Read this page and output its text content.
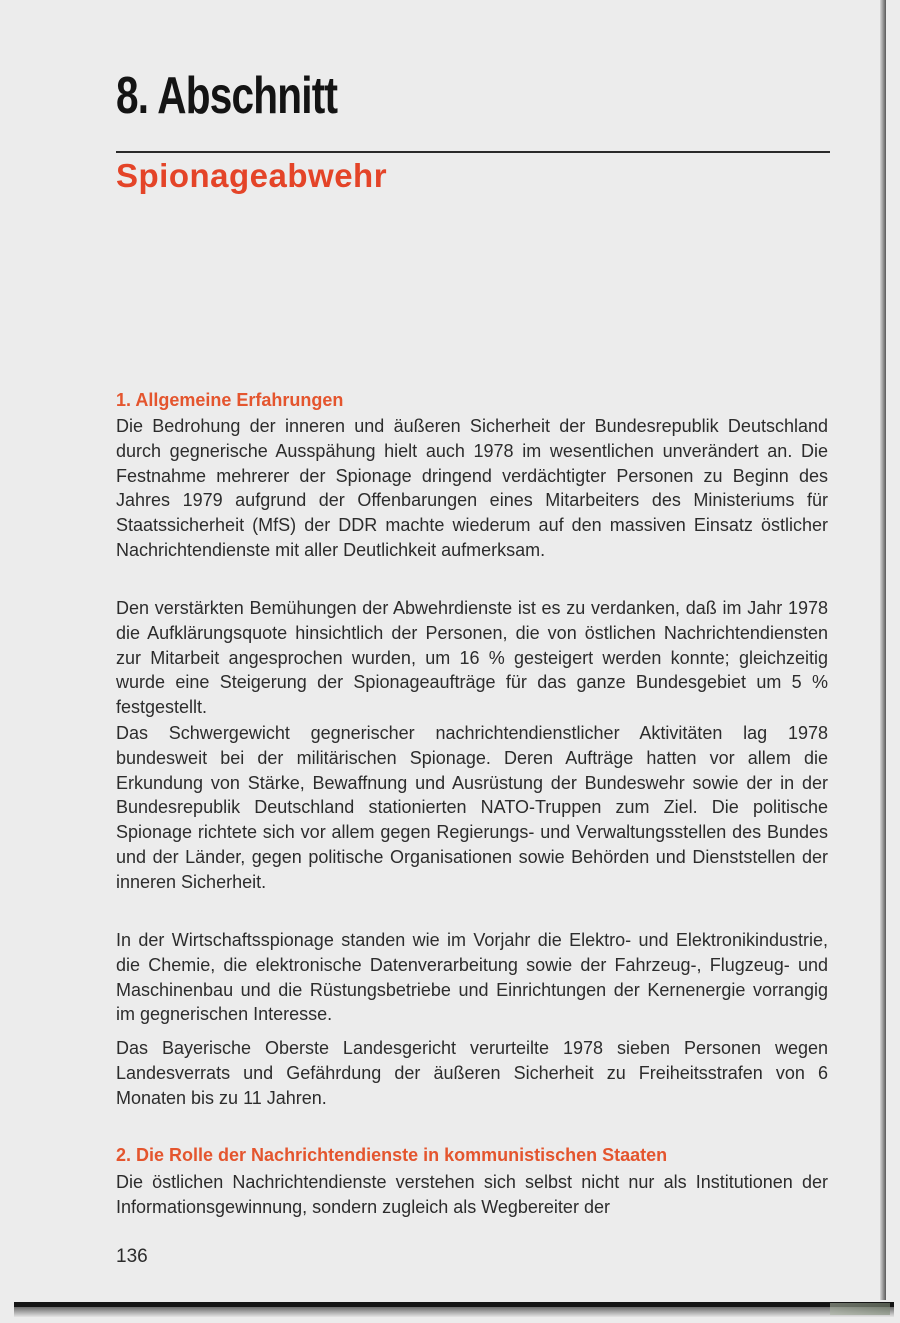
8. Abschnitt
Spionageabwehr
1. Allgemeine Erfahrungen

Die Bedrohung der inneren und äußeren Sicherheit der Bundesrepublik Deutschland durch gegnerische Ausspähung hielt auch 1978 im wesentlichen unverändert an. Die Festnahme mehrerer der Spionage dringend verdächtigter Personen zu Beginn des Jahres 1979 aufgrund der Offenbarungen eines Mitarbeiters des Ministeriums für Staatssicherheit (MfS) der DDR machte wiederum auf den massiven Einsatz östlicher Nachrichtendienste mit aller Deutlichkeit aufmerksam.

Den verstärkten Bemühungen der Abwehrdienste ist es zu verdanken, daß im Jahr 1978 die Aufklärungsquote hinsichtlich der Personen, die von östlichen Nachrichtendiensten zur Mitarbeit angesprochen wurden, um 16 % gesteigert werden konnte; gleichzeitig wurde eine Steigerung der Spionageaufträge für das ganze Bundesgebiet um 5 % festgestellt.

Das Schwergewicht gegnerischer nachrichtendienstlicher Aktivitäten lag 1978 bundesweit bei der militärischen Spionage. Deren Aufträge hatten vor allem die Erkundung von Stärke, Bewaffnung und Ausrüstung der Bundeswehr sowie der in der Bundesrepublik Deutschland stationierten NATO-Truppen zum Ziel. Die politische Spionage richtete sich vor allem gegen Regierungs- und Verwaltungsstellen des Bundes und der Länder, gegen politische Organisationen sowie Behörden und Dienststellen der inneren Sicherheit.

In der Wirtschaftsspionage standen wie im Vorjahr die Elektro- und Elektronikindustrie, die Chemie, die elektronische Datenverarbeitung sowie der Fahrzeug-, Flugzeug- und Maschinenbau und die Rüstungsbetriebe und Einrichtungen der Kernenergie vorrangig im gegnerischen Interesse.

Das Bayerische Oberste Landesgericht verurteilte 1978 sieben Personen wegen Landesverrats und Gefährdung der äußeren Sicherheit zu Freiheitsstrafen von 6 Monaten bis zu 11 Jahren.

2. Die Rolle der Nachrichtendienste in kommunistischen Staaten

Die östlichen Nachrichtendienste verstehen sich selbst nicht nur als Institutionen der Informationsgewinnung, sondern zugleich als Wegbereiter der

136
